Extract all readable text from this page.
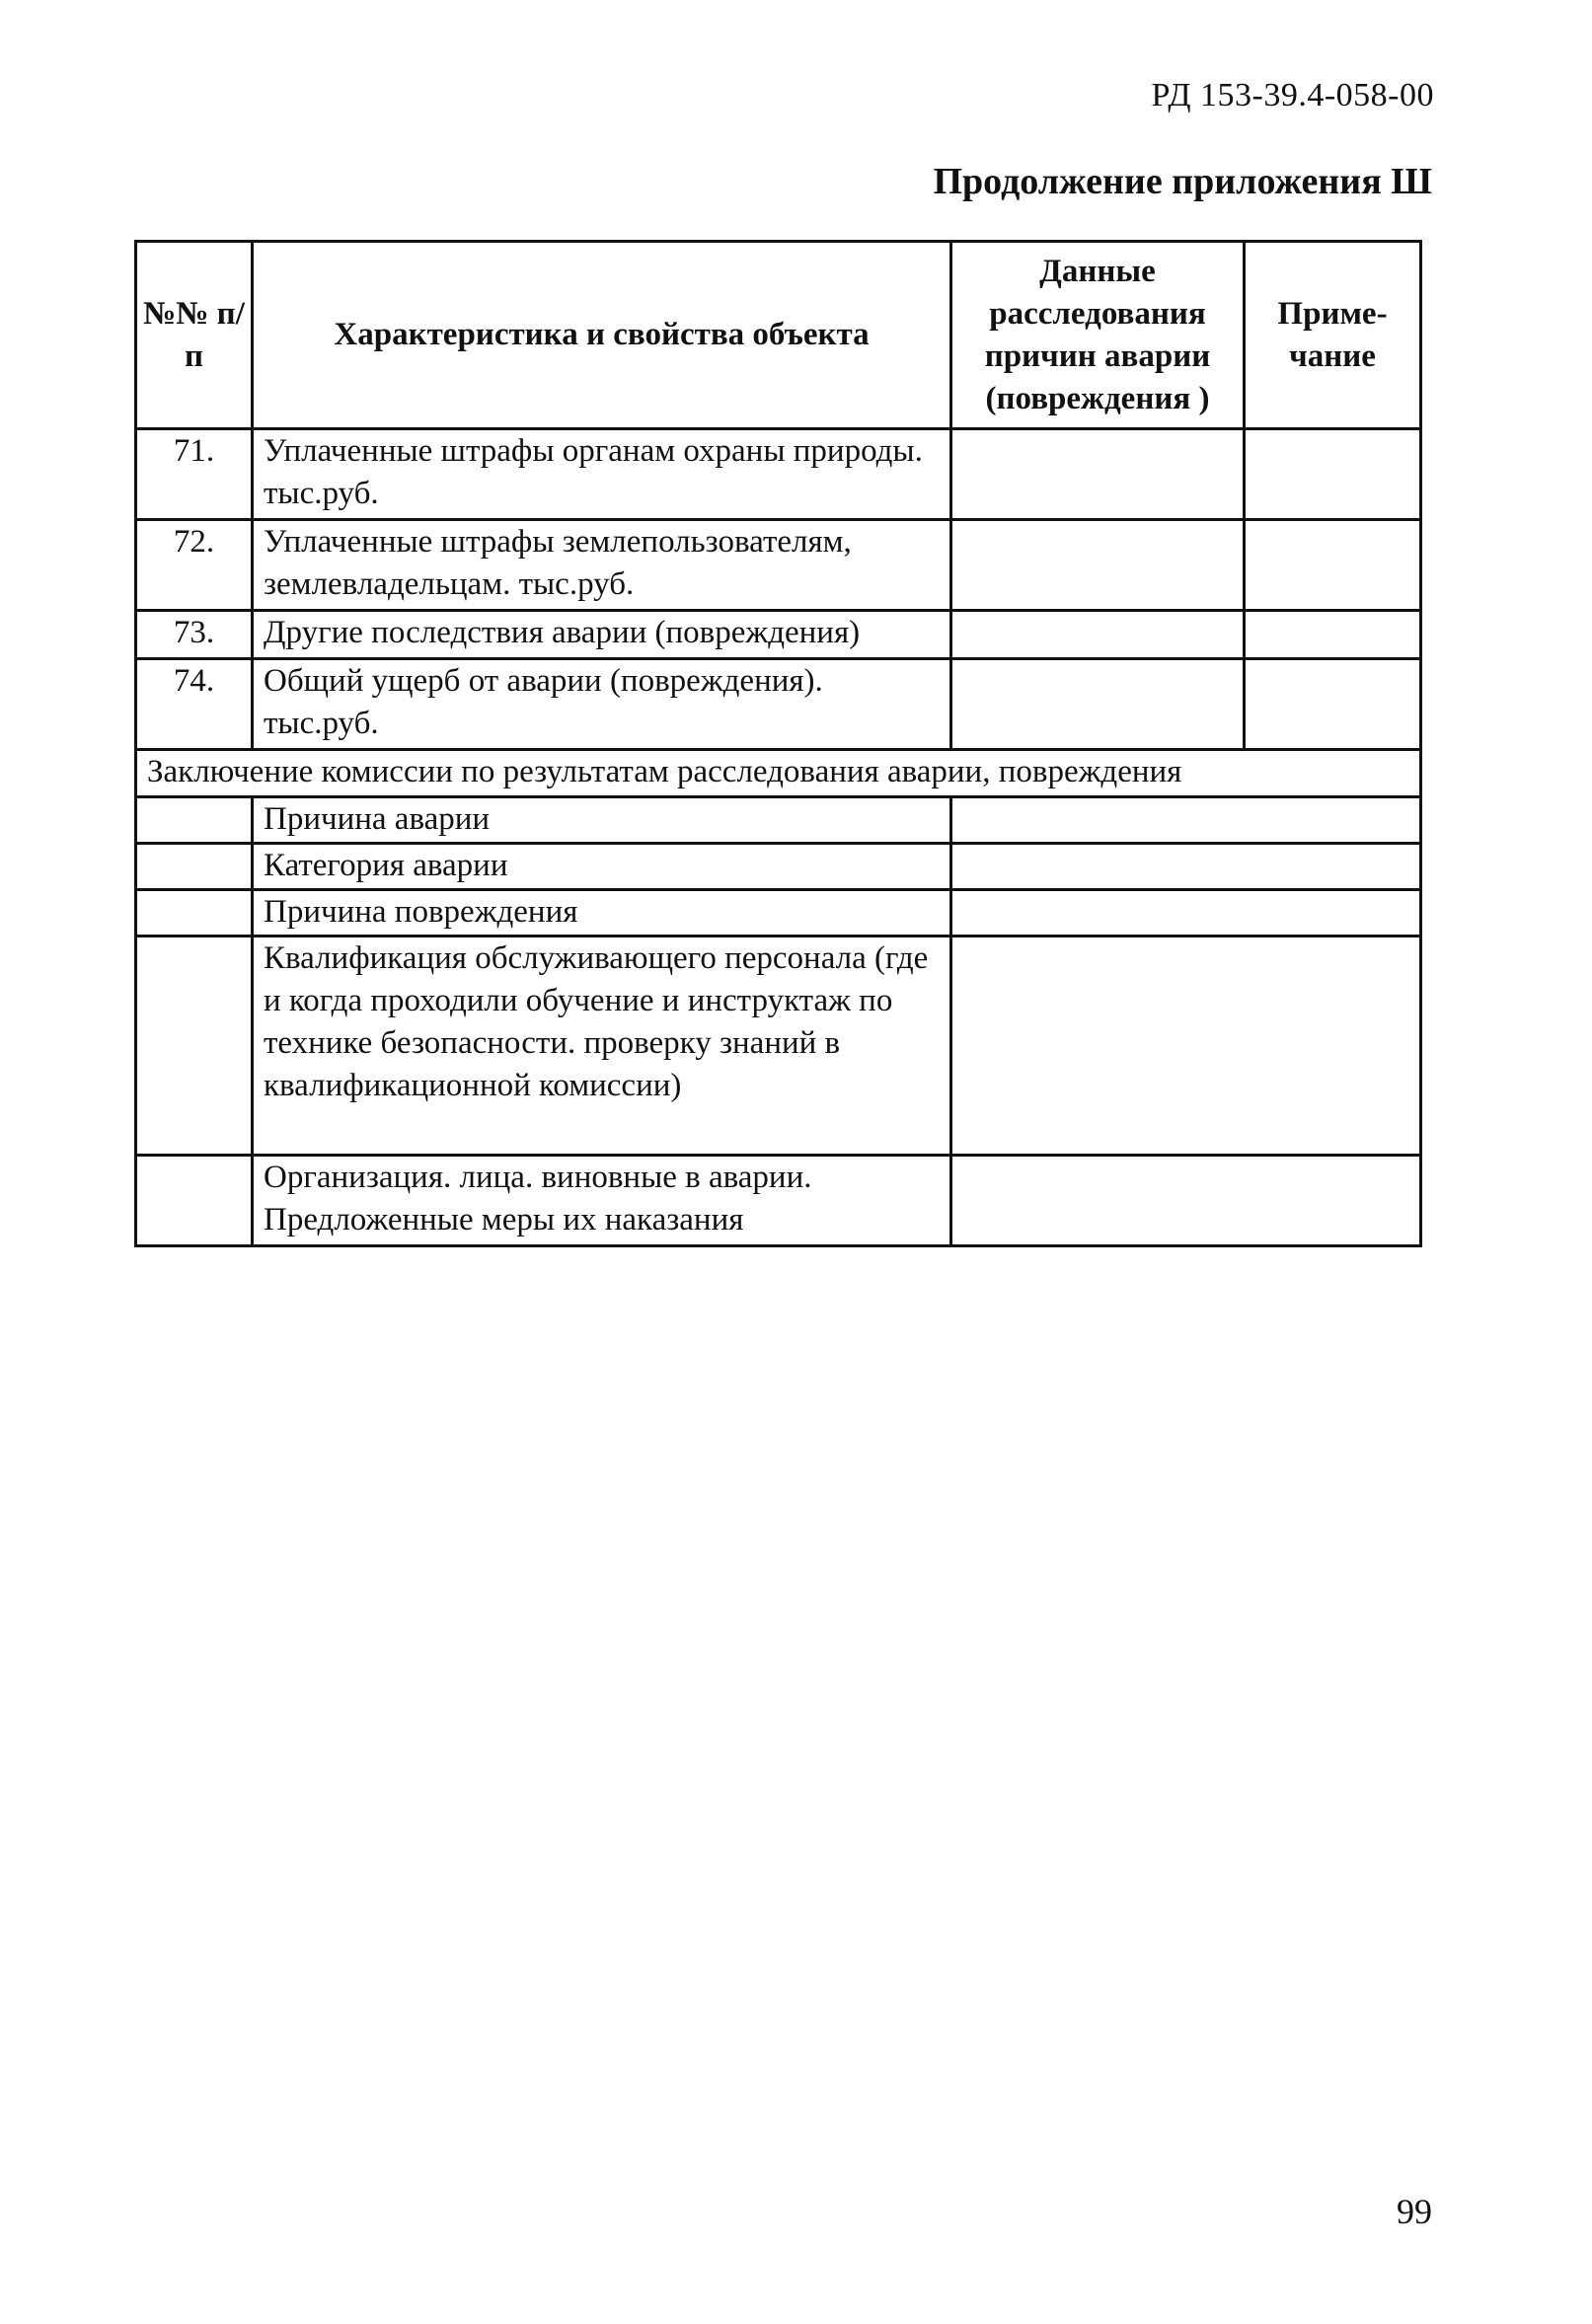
РД 153-39.4-058-00
Продолжение приложения Ш
№№ п/п	Характеристика и свойства объекта	Данные расследования причин аварии (повреждения )	Приме-чание
71.	Уплаченные штрафы органам охраны природы. тыс.руб.		
72.	Уплаченные штрафы землепользователям, землевладельцам. тыс.руб.		
73.	Другие последствия аварии (повреждения)		
74.	Общий ущерб от аварии (повреждения). тыс.руб.		
Заключение комиссии по результатам расследования аварии, повреждения			
	Причина аварии		
	Категория аварии		
	Причина повреждения		
	Квалификация обслуживающего персонала (где и когда проходили обучение и инструктаж по технике безопасности. проверку знаний в квалификационной комиссии)		
	Организация. лица. виновные в аварии. Предложенные меры их наказания		
99
